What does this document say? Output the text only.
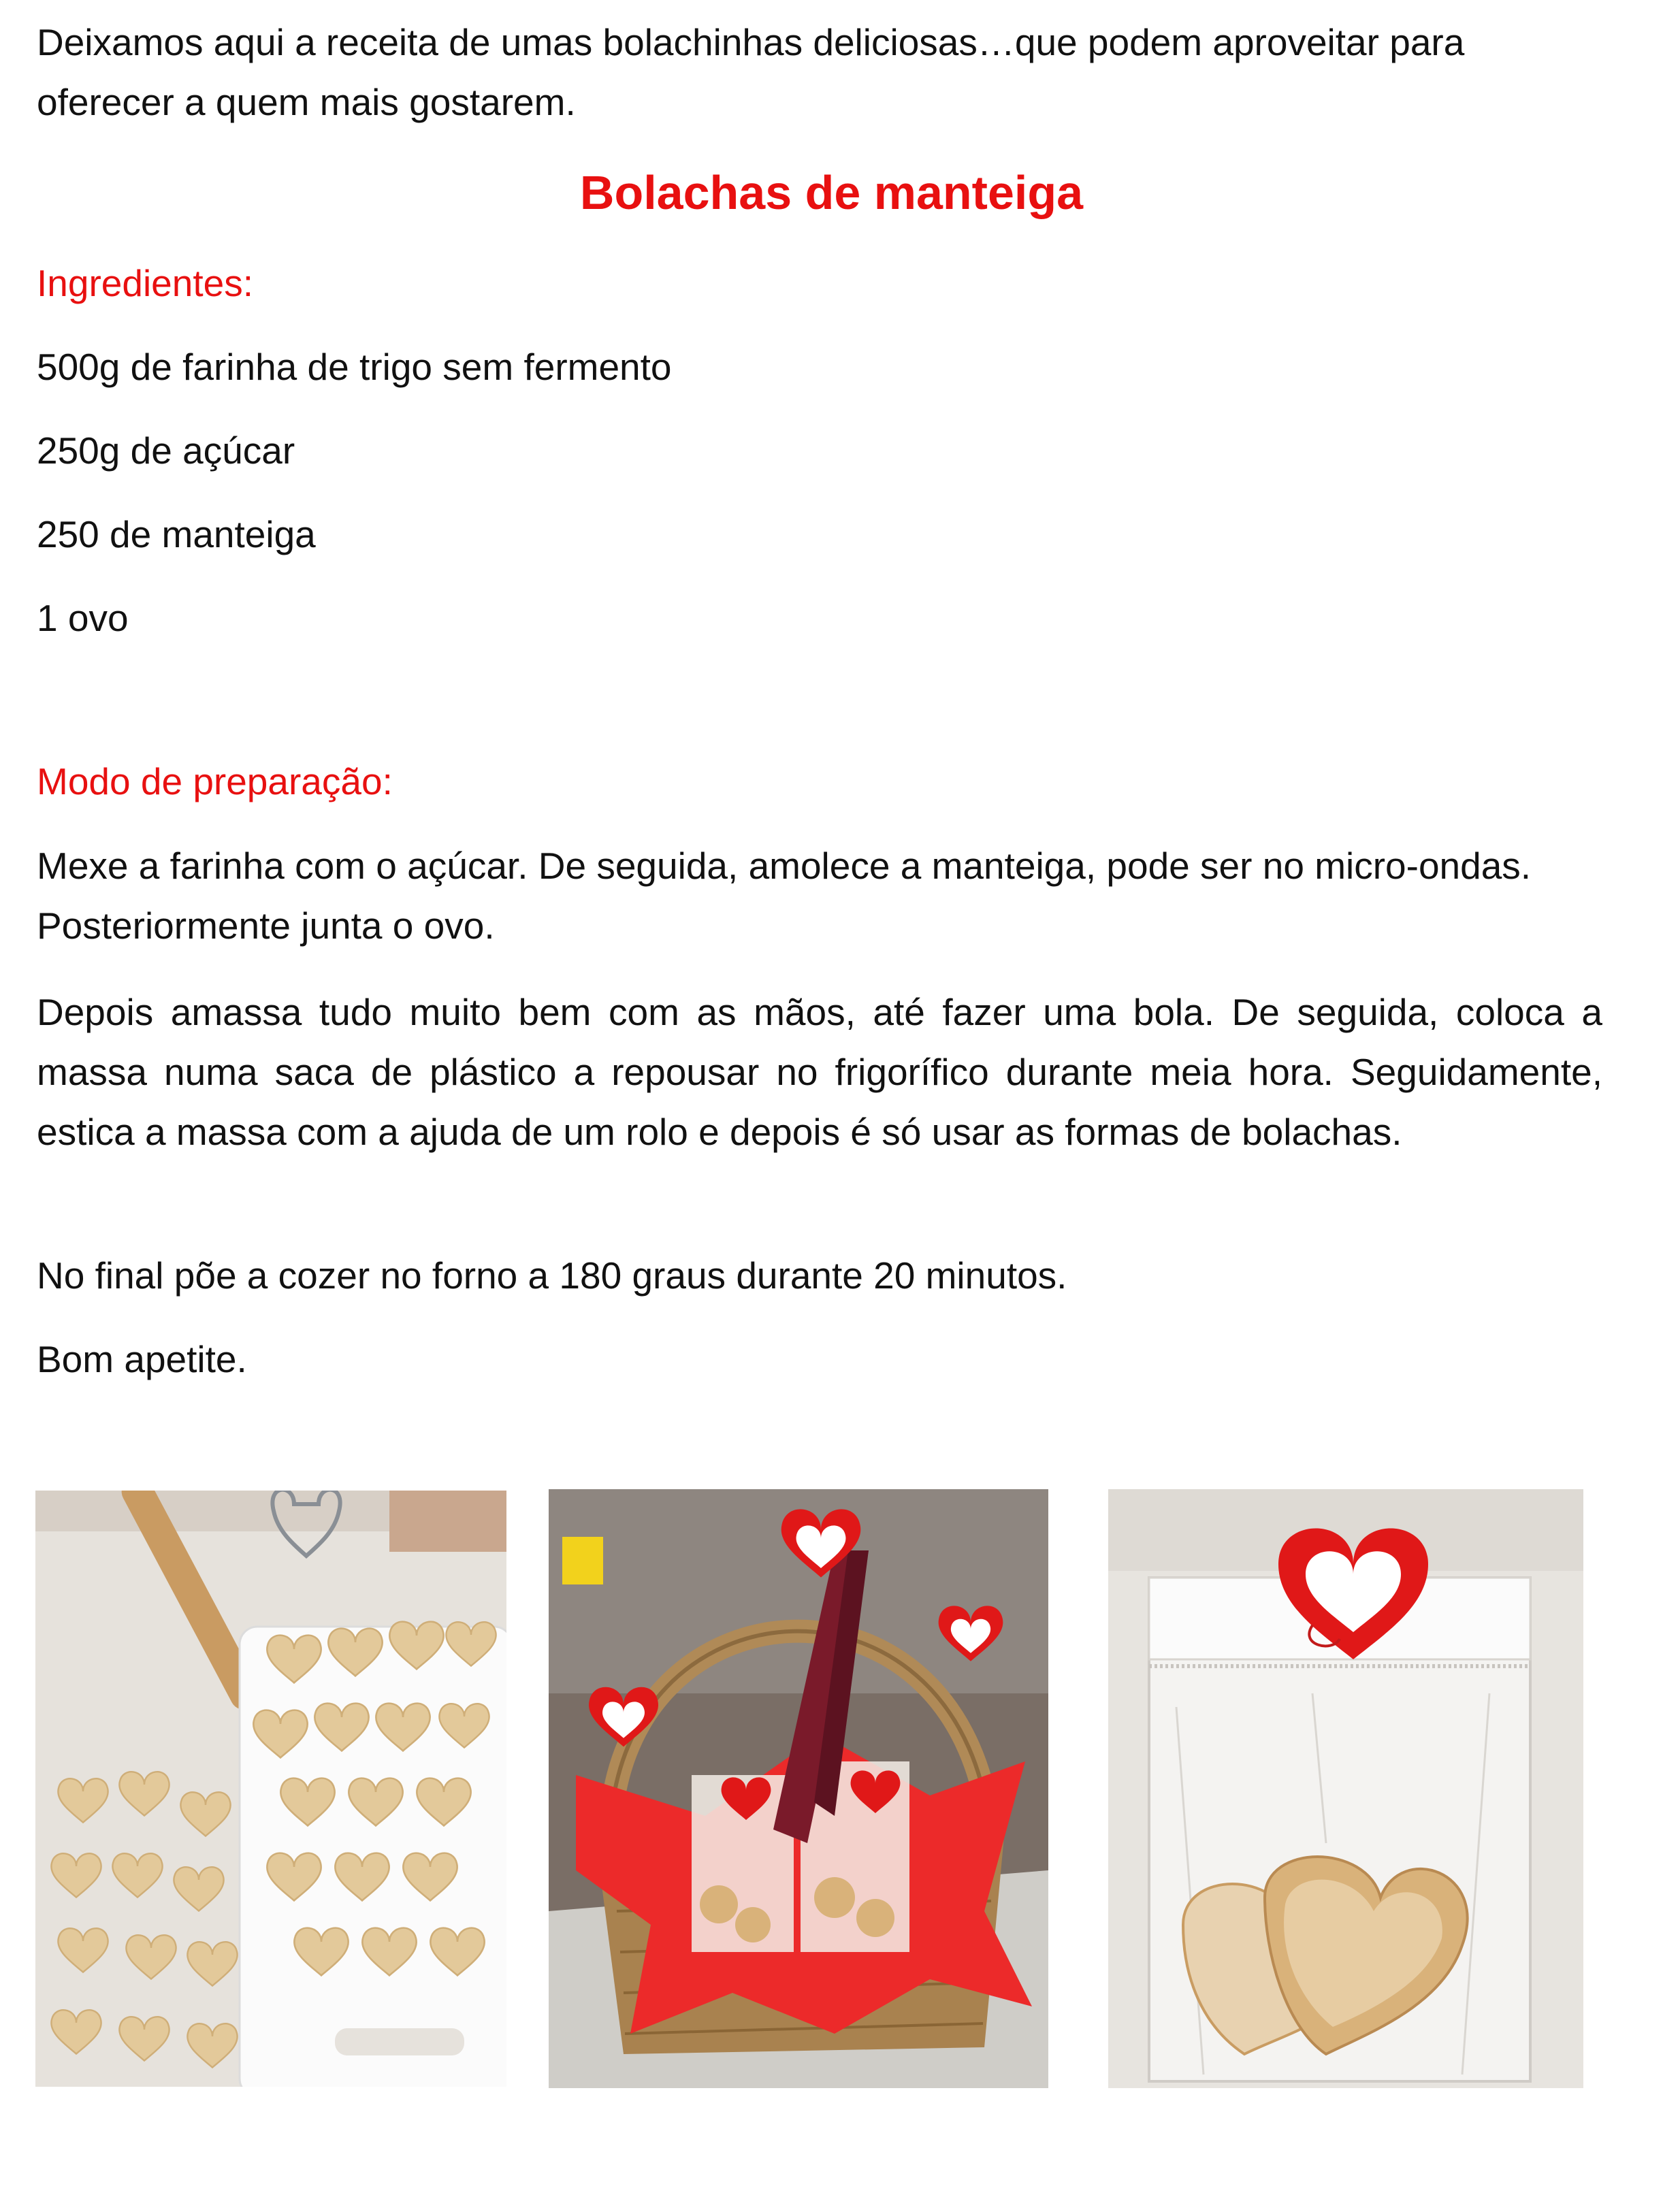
Deixamos aqui a receita de umas bolachinhas deliciosas…que podem aproveitar para oferecer a quem mais gostarem.

Bolachas de manteiga

Ingredientes:

500g de farinha de trigo sem fermento

250g de açúcar

250 de manteiga

1 ovo

Modo de preparação:

Mexe a farinha com o açúcar. De seguida, amolece a manteiga, pode ser no micro-ondas. Posteriormente junta o ovo.

Depois amassa tudo muito bem com as mãos, até fazer uma bola. De seguida, coloca a massa numa saca de plástico a repousar no frigorífico durante meia hora. Seguidamente, estica a massa com a ajuda de um rolo e depois é só usar as formas de bolachas.

No final põe a cozer no forno a 180 graus durante 20 minutos.

Bom apetite.
